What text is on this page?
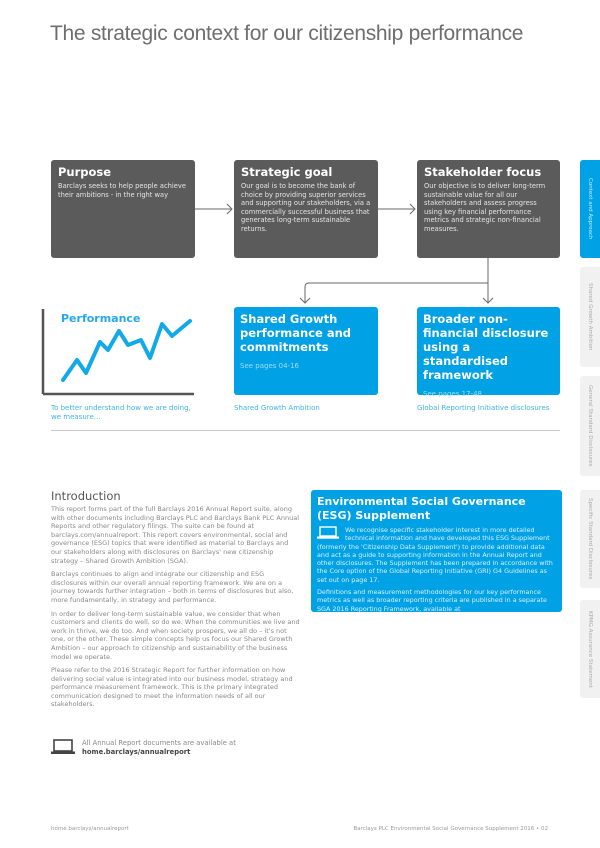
The strategic context for our citizenship performance
Purpose

Barclays seeks to help people achieve their ambitions - in the right way

Strategic goal

Our goal is to become the bank of choice by providing superior services and supporting our stakeholders, via a commercially successful business that generates long-term sustainable returns.

Stakeholder focus

Our objective is to deliver long-term sustainable value for all our stakeholders and assess progress using key financial performance metrics and strategic non-financial measures.

Performance
To better understand how we are doing, we measure...
Shared Growth performance and commitments
See pages 04-16
Broader non-financial disclosure using a standardised framework
See pages 17-48
Shared Growth Ambition	Global Reporting Initiative disclosures
Context and Approach
Shared Growth Ambition
General Standard Disclosures
Specific Standard Disclosures
KPMG Assurance Statement
Introduction

This report forms part of the full Barclays 2016 Annual Report suite, along with other documents including Barclays PLC and Barclays Bank PLC Annual Reports and other regulatory filings. The suite can be found at barclays.com/annualreport. This report covers environmental, social and governance (ESG) topics that were identified as material to Barclays and our stakeholders along with disclosures on Barclays' new citizenship strategy – Shared Growth Ambition (SGA).

Barclays continues to align and integrate our citizenship and ESG disclosures within our overall annual reporting framework. We are on a journey towards further integration – both in terms of disclosures but also, more fundamentally, in strategy and performance.

In order to deliver long-term sustainable value, we consider that when customers and clients do well, so do we. When the communities we live and work in thrive, we do too. And when society prospers, we all do – it's not one, or the other. These simple concepts help us focus our Shared Growth Ambition – our approach to citizenship and sustainability of the business model we operate.

Please refer to the 2016 Strategic Report for further information on how delivering social value is integrated into our business model, strategy and performance measurement framework. This is the primary integrated communication designed to meet the information needs of all our stakeholders.

All Annual Report documents are available at
home.barclays/annualreport
Environmental Social Governance (ESG) Supplement

We recognise specific stakeholder interest in more detailed technical information and have developed this ESG Supplement (formerly the 'Citizenship Data Supplement') to provide additional data and act as a guide to supporting information in the Annual Report and other disclosures. The Supplement has been prepared in accordance with the Core option of the Global Reporting Initiative (GRI) G4 Guidelines as set out on page 17.

Definitions and measurement methodologies for our key performance metrics as well as broader reporting criteria are published in a separate SGA 2016 Reporting Framework, available at
home.barclays/citizenship/our-reporting

home.barclays/annualreport	Barclays PLC Environmental Social Governance Supplement 2016 • 02
